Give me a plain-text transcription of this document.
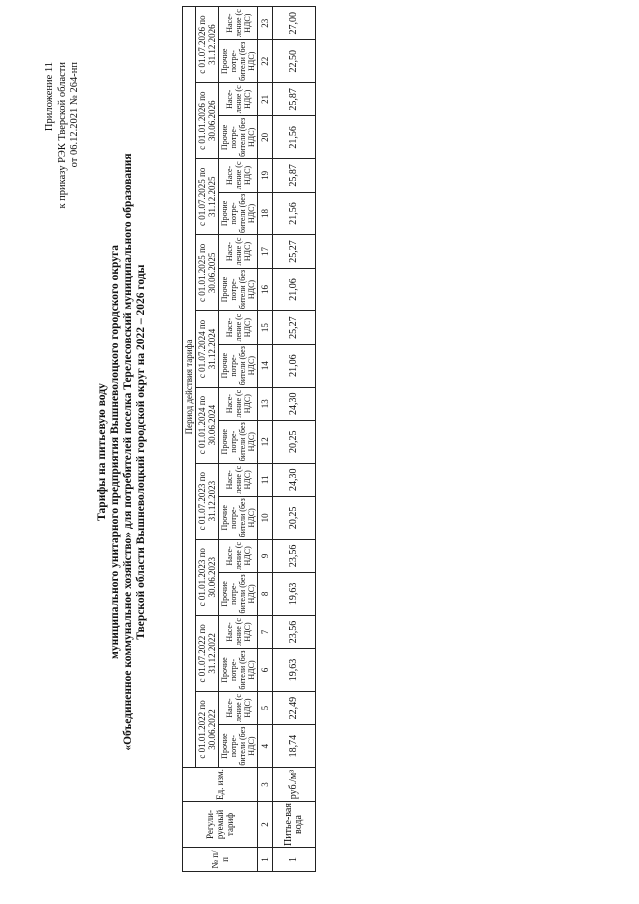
Приложение 11 к приказу РЭК Тверской области от 06.12.2021 № 264-нп
Тарифы на питьевую воду муниципального унитарного предприятия Вышневолоцкого городского округа «Объединенное коммунальное хозяйство» для потребителей поселка Терелесовский муниципального образования Тверской области Вышневолоцкий городской округ на 2022 – 2026 годы
№ п/п	Регули-руемый тариф	Ед. изм.	Период действия тарифа																			
			с 01.01.2022 по 30.06.2022		с 01.07.2022 по 31.12.2022		с 01.01.2023 по 30.06.2023		с 01.07.2023 по 31.12.2023		с 01.01.2024 по 30.06.2024		с 01.07.2024 по 31.12.2024		с 01.01.2025 по 30.06.2025		с 01.07.2025 по 31.12.2025		с 01.01.2026 по 30.06.2026		с 01.07.2026 по 31.12.2026	
			Прочие потре-бители (без НДС)	Насе-ление (с НДС)	Прочие потре-бители (без НДС)	Насе-ление (с НДС)	Прочие потре-бители (без НДС)	Насе-ление (с НДС)	Прочие потре-бители (без НДС)	Насе-ление (с НДС)	Прочие потре-бители (без НДС)	Насе-ление (с НДС)	Прочие потре-бители (без НДС)	Насе-ление (с НДС)	Прочие потре-бители (без НДС)	Насе-ление (с НДС)	Прочие потре-бители (без НДС)	Насе-ление (с НДС)	Прочие потре-бители (без НДС)	Насе-ление (с НДС)	Прочие потре-бители (без НДС)	Насе-ление (с НДС)
1	2	3	4	5	6	7	8	9	10	11	12	13	14	15	16	17	18	19	20	21	22	23
1	Питье-вая вода	руб./м³	18,74	22,49	19,63	23,56	19,63	23,56	20,25	24,30	20,25	24,30	21,06	25,27	21,06	25,27	21,56	25,87	21,56	25,87	22,50	27,00
